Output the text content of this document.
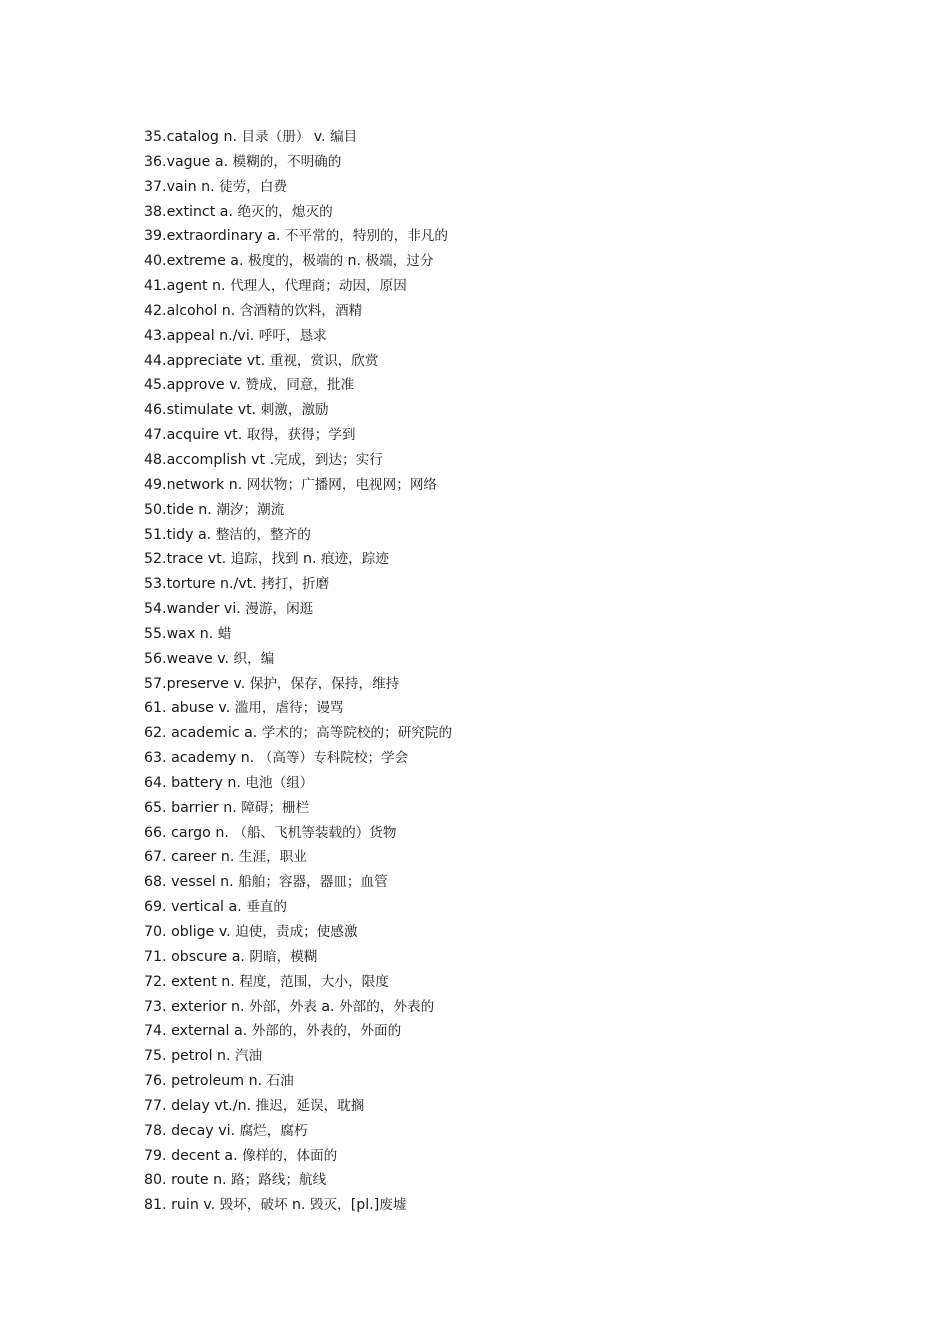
35.catalog n. 目录（册） v. 编目
36.vague a. 模糊的，不明确的
37.vain n. 徒劳，白费
38.extinct a. 绝灭的，熄灭的
39.extraordinary a. 不平常的，特别的，非凡的
40.extreme a. 极度的，极端的 n. 极端，过分
41.agent n. 代理人，代理商；动因，原因
42.alcohol n. 含酒精的饮料，酒精
43.appeal n./vi. 呼吁，恳求
44.appreciate vt. 重视，赏识，欣赏
45.approve v. 赞成，同意，批准
46.stimulate vt. 刺激，激励
47.acquire vt. 取得，获得；学到
48.accomplish vt .完成，到达；实行
49.network n. 网状物；广播网，电视网；网络
50.tide n. 潮汐；潮流
51.tidy a. 整洁的，整齐的
52.trace vt. 追踪，找到 n. 痕迹，踪迹
53.torture n./vt. 拷打，折磨
54.wander vi. 漫游，闲逛
55.wax n. 蜡
56.weave v. 织，编
57.preserve v. 保护，保存，保持，维持
61. abuse v. 滥用，虐待；谩骂
62. academic a. 学术的；高等院校的；研究院的
63. academy n. （高等）专科院校；学会
64. battery n. 电池（组）
65. barrier n. 障碍；栅栏
66. cargo n. （船、飞机等装载的）货物
67. career n. 生涯，职业
68. vessel n. 船舶；容器，器皿；血管
69. vertical a. 垂直的
70. oblige v. 迫使，责成；使感激
71. obscure a. 阴暗，模糊
72. extent n. 程度，范围，大小，限度
73. exterior n. 外部，外表 a. 外部的，外表的
74. external a. 外部的，外表的，外面的
75. petrol n. 汽油
76. petroleum n. 石油
77. delay vt./n. 推迟，延误，耽搁
78. decay vi. 腐烂，腐朽
79. decent a. 像样的，体面的
80. route n. 路；路线；航线
81. ruin v. 毁坏，破坏 n. 毁灭，[pl.]废墟
